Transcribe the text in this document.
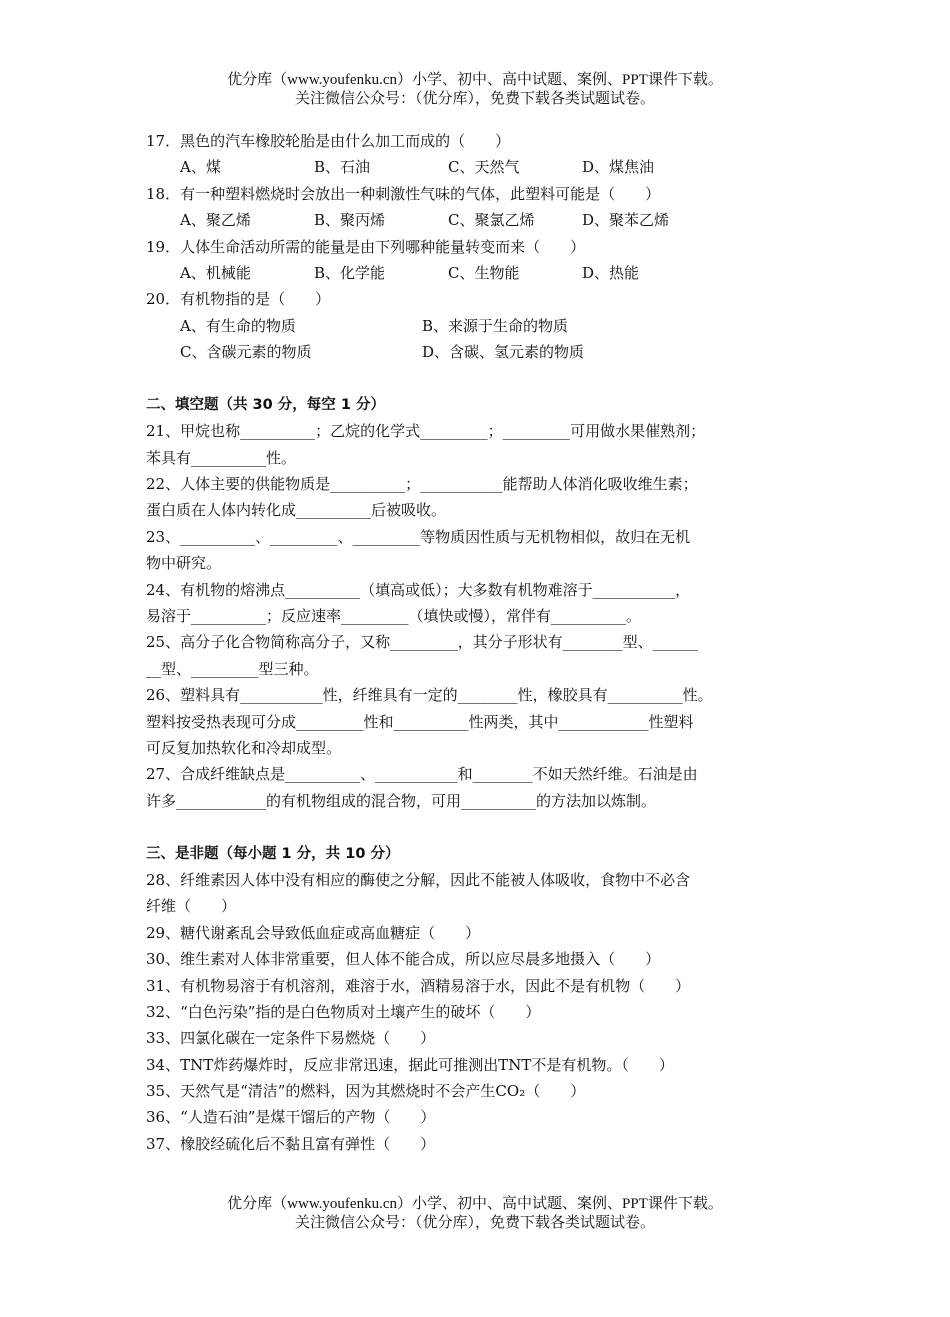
优分库（www.youfenku.cn）小学、初中、高中试题、案例、PPT课件下载。
关注微信公众号：（优分库），免费下载各类试题试卷。
17．黑色的汽车橡胶轮胎是由什么加工而成的（　　）
A、煤	B、石油	C、天然气	D、煤焦油
18．有一种塑料燃烧时会放出一种刺激性气味的气体，此塑料可能是（　　）
A、聚乙烯	B、聚丙烯	C、聚氯乙烯	D、聚苯乙烯
19．人体生命活动所需的能量是由下列哪种能量转变而来（　　）
A、机械能	B、化学能	C、生物能	D、热能
20．有机物指的是（　　）
A、有生命的物质	B、来源于生命的物质
C、含碳元素的物质	D、含碳、氢元素的物质
二、填空题（共 30 分，每空 1 分）
21、甲烷也称__________；乙烷的化学式_________；_________可用做水果催熟剂；
苯具有__________性。
22、人体主要的供能物质是__________；___________能帮助人体消化吸收维生素；
蛋白质在人体内转化成__________后被吸收。
23、__________、_________、_________等物质因性质与无机物相似，故归在无机
物中研究。
24、有机物的熔沸点__________（填高或低）；大多数有机物难溶于___________，
易溶于__________；反应速率_________（填快或慢），常伴有__________。
25、高分子化合物简称高分子，又称_________，其分子形状有________型、______
__型、_________型三种。
26、塑料具有___________性，纤维具有一定的________性，橡胶具有__________性。
塑料按受热表现可分成_________性和__________性两类，其中____________性塑料
可反复加热软化和冷却成型。
27、合成纤维缺点是__________、___________和________不如天然纤维。石油是由
许多____________的有机物组成的混合物，可用__________的方法加以炼制。
三、是非题（每小题 1 分，共 10 分）
28、纤维素因人体中没有相应的酶使之分解，因此不能被人体吸收，食物中不必含
纤维（　　）
29、糖代谢紊乱会导致低血症或高血糖症（　　）
30、维生素对人体非常重要，但人体不能合成，所以应尽晨多地摄入（　　）
31、有机物易溶于有机溶剂，难溶于水，酒精易溶于水，因此不是有机物（　　）
32、“白色污染”指的是白色物质对土壤产生的破坏（　　）
33、四氯化碳在一定条件下易燃烧（　　）
34、TNT炸药爆炸时，反应非常迅速，据此可推测出TNT不是有机物。（　　）
35、天然气是“清洁”的燃料，因为其燃烧时不会产生CO₂（　　）
36、“人造石油”是煤干馏后的产物（　　）
37、橡胶经硫化后不黏且富有弹性（　　）
优分库（www.youfenku.cn）小学、初中、高中试题、案例、PPT课件下载。
关注微信公众号：（优分库），免费下载各类试题试卷。
